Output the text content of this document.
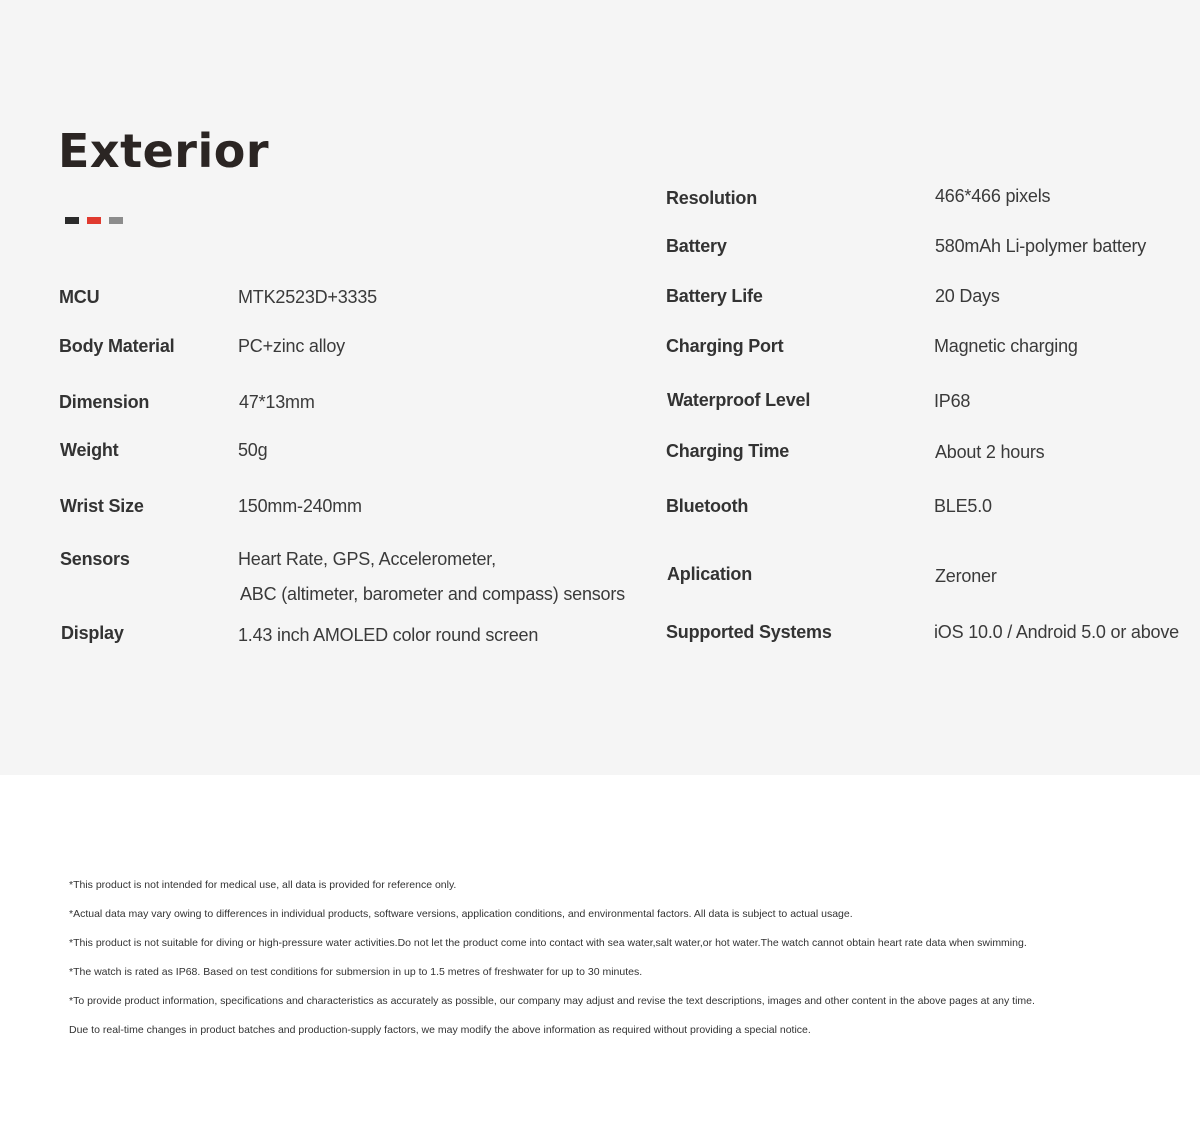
Exterior
MCU	MTK2523D+3335
Body Material	PC+zinc alloy
Dimension	47*13mm
Weight	50g
Wrist Size	150mm-240mm
Sensors	Heart Rate, GPS, Accelerometer,
ABC (altimeter, barometer and compass) sensors
Display	1.43 inch AMOLED color round screen
Resolution	466*466 pixels
Battery	580mAh Li-polymer battery
Battery Life	20 Days
Charging Port	Magnetic charging
Waterproof Level	IP68
Charging Time	About 2 hours
Bluetooth	BLE5.0
Aplication	Zeroner
Supported Systems	iOS 10.0 / Android 5.0 or above

*This product is not intended for medical use, all data is provided for reference only.

*Actual data may vary owing to differences in individual products, software versions, application conditions, and environmental factors. All data is subject to actual usage.

*This product is not suitable for diving or high-pressure water activities.Do not let the product come into contact with sea water,salt water,or hot water.The watch cannot obtain heart rate data when swimming.

*The watch is rated as IP68. Based on test conditions for submersion in up to 1.5 metres of freshwater for up to 30 minutes.

*To provide product information, specifications and characteristics as accurately as possible, our company may adjust and revise the text descriptions, images and other content in the above pages at any time.

Due to real-time changes in product batches and production-supply factors, we may modify the above information as required without providing a special notice.
